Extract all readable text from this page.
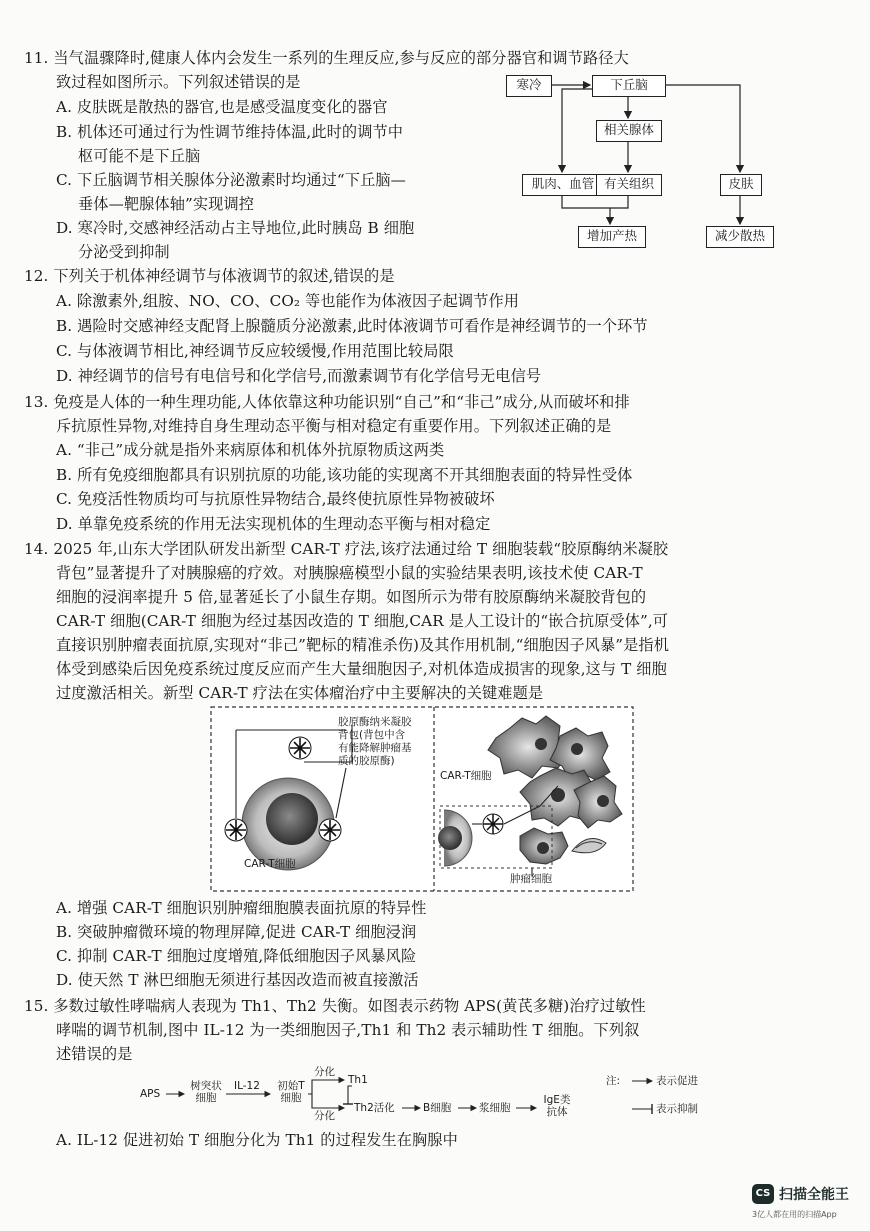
11. 当气温骤降时,健康人体内会发生一系列的生理反应,参与反应的部分器官和调节路径大
致过程如图所示。下列叙述错误的是
A. 皮肤既是散热的器官,也是感受温度变化的器官
B. 机体还可通过行为性调节维持体温,此时的调节中
枢可能不是下丘脑
C. 下丘脑调节相关腺体分泌激素时均通过“下丘脑—
垂体—靶腺体轴”实现调控
D. 寒冷时,交感神经活动占主导地位,此时胰岛 B 细胞
分泌受到抑制
寒冷	下丘脑
相关腺体
肌肉、血管 有关组织	皮肤
增加产热	减少散热
12. 下列关于机体神经调节与体液调节的叙述,错误的是
A. 除激素外,组胺、NO、CO、CO₂ 等也能作为体液因子起调节作用
B. 遇险时交感神经支配肾上腺髓质分泌激素,此时体液调节可看作是神经调节的一个环节
C. 与体液调节相比,神经调节反应较缓慢,作用范围比较局限
D. 神经调节的信号有电信号和化学信号,而激素调节有化学信号无电信号
13. 免疫是人体的一种生理功能,人体依靠这种功能识别“自己”和“非己”成分,从而破坏和排
斥抗原性异物,对维持自身生理动态平衡与相对稳定有重要作用。下列叙述正确的是
A. “非己”成分就是指外来病原体和机体外抗原物质这两类
B. 所有免疫细胞都具有识别抗原的功能,该功能的实现离不开其细胞表面的特异性受体
C. 免疫活性物质均可与抗原性异物结合,最终使抗原性异物被破坏
D. 单靠免疫系统的作用无法实现机体的生理动态平衡与相对稳定
14. 2025 年,山东大学团队研发出新型 CAR-T 疗法,该疗法通过给 T 细胞装载“胶原酶纳米凝胶
背包”显著提升了对胰腺癌的疗效。对胰腺癌模型小鼠的实验结果表明,该技术使 CAR-T
细胞的浸润率提升 5 倍,显著延长了小鼠生存期。如图所示为带有胶原酶纳米凝胶背包的
CAR-T 细胞(CAR-T 细胞为经过基因改造的 T 细胞,CAR 是人工设计的“嵌合抗原受体”,可
直接识别肿瘤表面抗原,实现对“非己”靶标的精准杀伤)及其作用机制,“细胞因子风暴”是指机
体受到感染后因免疫系统过度反应而产生大量细胞因子,对机体造成损害的现象,这与 T 细胞
过度激活相关。新型 CAR-T 疗法在实体瘤治疗中主要解决的关键难题是
胶原酶纳米凝胶
背包(背包中含
有能降解肿瘤基
质的胶原酶)
CAR-T细胞
CAR-T细胞
肿瘤细胞
A. 增强 CAR-T 细胞识别肿瘤细胞膜表面抗原的特异性
B. 突破肿瘤微环境的物理屏障,促进 CAR-T 细胞浸润
C. 抑制 CAR-T 细胞过度增殖,降低细胞因子风暴风险
D. 使天然 T 淋巴细胞无须进行基因改造而被直接激活
15. 多数过敏性哮喘病人表现为 Th1、Th2 失衡。如图表示药物 APS(黄芪多糖)治疗过敏性
哮喘的调节机制,图中 IL-12 为一类细胞因子,Th1 和 Th2 表示辅助性 T 细胞。下列叙
述错误的是
APS
树突状
细胞
IL-12	初始T
细胞
分化
分化
Th1
Th2活化	B细胞	浆细胞
IgE类
抗体
注:	表示促进
表示抑制
A. IL-12 促进初始 T 细胞分化为 Th1 的过程发生在胸腺中
CS 扫描全能王
3亿人都在用的扫描App
